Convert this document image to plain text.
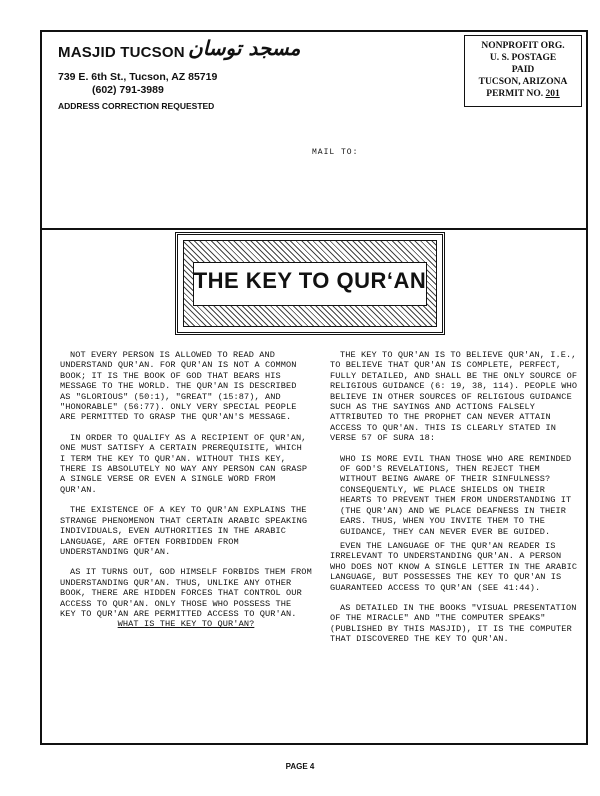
MASJID TUCSON مسجد توسان
739 E. 6th St., Tucson, AZ 85719
(602) 791-3989
ADDRESS CORRECTION REQUESTED
NONPROFIT ORG.
U. S. POSTAGE
PAID
TUCSON, ARIZONA
PERMIT NO. 201
MAIL TO:
THE KEY TO QUR‘AN

NOT EVERY PERSON IS ALLOWED TO READ AND UNDERSTAND QUR'AN. FOR QUR'AN IS NOT A COMMON BOOK; IT IS THE BOOK OF GOD THAT BEARS HIS MESSAGE TO THE WORLD. THE QUR'AN IS DESCRIBED AS "GLORIOUS" (50:1), "GREAT" (15:87), AND "HONORABLE" (56:77). ONLY VERY SPECIAL PEOPLE ARE PERMITTED TO GRASP THE QUR'AN'S MESSAGE.

IN ORDER TO QUALIFY AS A RECIPIENT OF QUR'AN, ONE MUST SATISFY A CERTAIN PREREQUISITE, WHICH I TERM THE KEY TO QUR'AN. WITHOUT THIS KEY, THERE IS ABSOLUTELY NO WAY ANY PERSON CAN GRASP A SINGLE VERSE OR EVEN A SINGLE WORD FROM QUR'AN.

THE EXISTENCE OF A KEY TO QUR'AN EXPLAINS THE STRANGE PHENOMENON THAT CERTAIN ARABIC SPEAKING INDIVIDUALS, EVEN AUTHORITIES IN THE ARABIC LANGUAGE, ARE OFTEN FORBIDDEN FROM UNDERSTANDING QUR'AN.

AS IT TURNS OUT, GOD HIMSELF FORBIDS THEM FROM UNDERSTANDING QUR'AN. THUS, UNLIKE ANY OTHER BOOK, THERE ARE HIDDEN FORCES THAT CONTROL OUR ACCESS TO QUR'AN. ONLY THOSE WHO POSSESS THE KEY TO QUR'AN ARE PERMITTED ACCESS TO QUR'AN.

WHAT IS THE KEY TO QUR'AN?

THE KEY TO QUR'AN IS TO BELIEVE QUR'AN, I.E., TO BELIEVE THAT QUR'AN IS COMPLETE, PERFECT, FULLY DETAILED, AND SHALL BE THE ONLY SOURCE OF RELIGIOUS GUIDANCE (6: 19, 38, 114). PEOPLE WHO BELIEVE IN OTHER SOURCES OF RELIGIOUS GUIDANCE SUCH AS THE SAYINGS AND ACTIONS FALSELY ATTRIBUTED TO THE PROPHET CAN NEVER ATTAIN ACCESS TO QUR'AN. THIS IS CLEARLY STATED IN VERSE 57 OF SURA 18:

WHO IS MORE EVIL THAN THOSE WHO ARE REMINDED OF GOD'S REVELATIONS, THEN REJECT THEM WITHOUT BEING AWARE OF THEIR SINFULNESS? CONSEQUENTLY, WE PLACE SHIELDS ON THEIR HEARTS TO PREVENT THEM FROM UNDERSTANDING IT (THE QUR'AN) AND WE PLACE DEAFNESS IN THEIR EARS. THUS, WHEN YOU INVITE THEM TO THE GUIDANCE, THEY CAN NEVER EVER BE GUIDED.

EVEN THE LANGUAGE OF THE QUR'AN READER IS IRRELEVANT TO UNDERSTANDING QUR'AN. A PERSON WHO DOES NOT KNOW A SINGLE LETTER IN THE ARABIC LANGUAGE, BUT POSSESSES THE KEY TO QUR'AN IS GUARANTEED ACCESS TO QUR'AN (SEE 41:44).

AS DETAILED IN THE BOOKS "VISUAL PRESENTATION OF THE MIRACLE" AND "THE COMPUTER SPEAKS" (PUBLISHED BY THIS MASJID), IT IS THE COMPUTER THAT DISCOVERED THE KEY TO QUR'AN.

PAGE 4
